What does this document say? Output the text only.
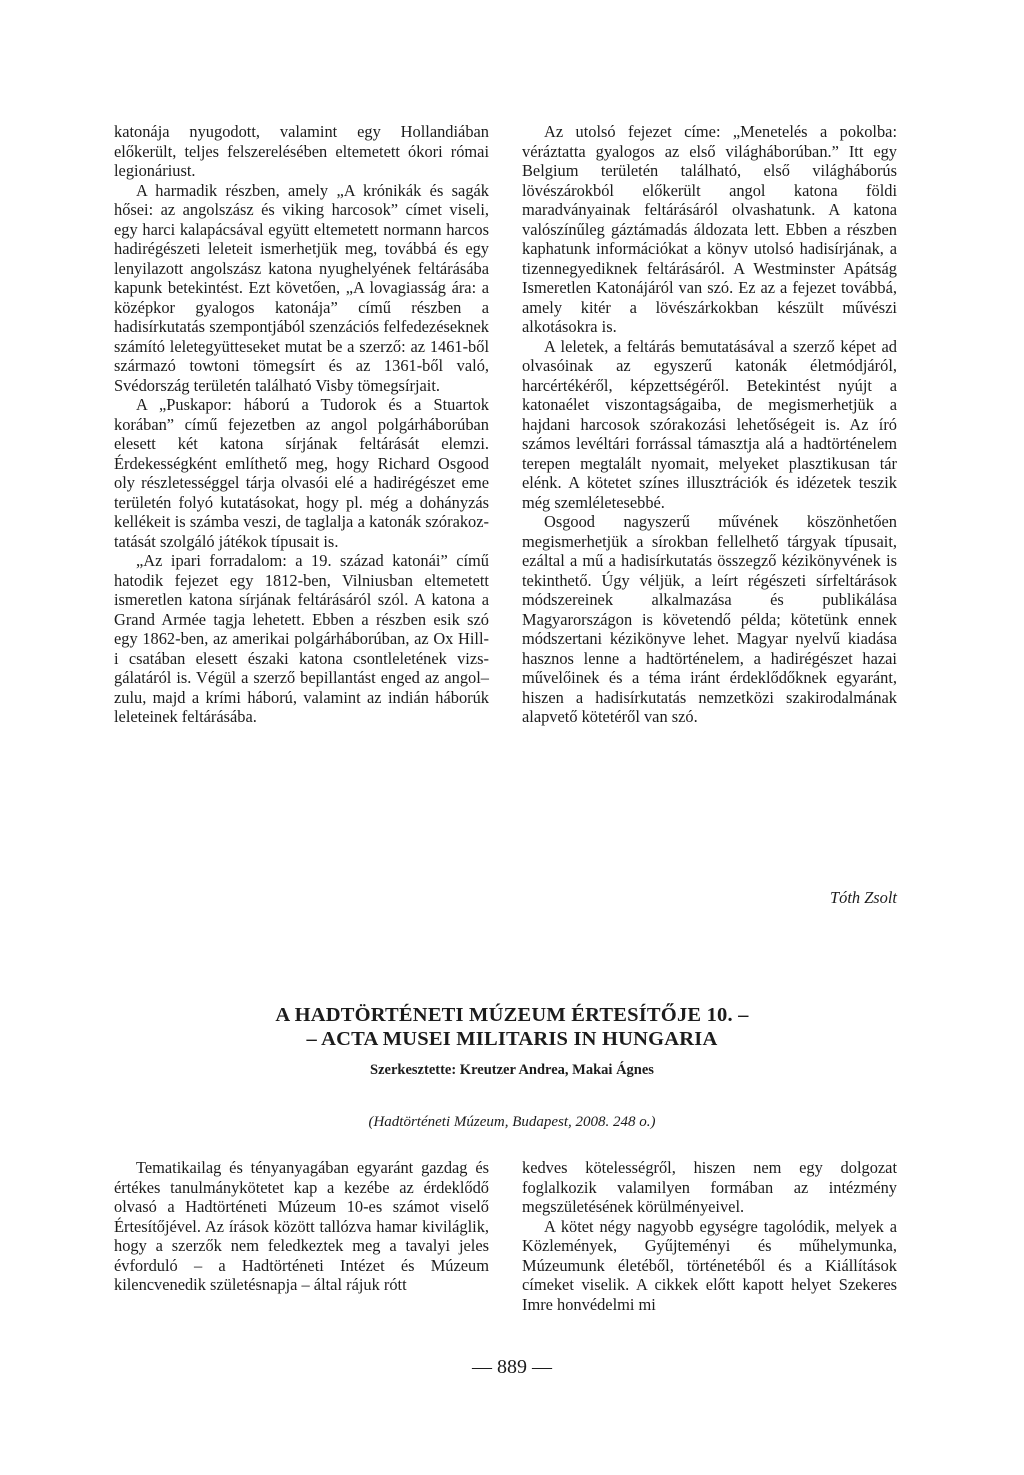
katonája nyugodott, valamint egy Hollandiában előkerült, teljes felszerelésében eltemetett ókori római legionáriust.

A harmadik részben, amely „A krónikák és sagák hősei: az angolszász és viking harcosok” címet viseli, egy harci kalapácsával együtt eltemetett normann harcos hadirégészeti leleteit ismerhetjük meg, továbbá és egy lenyilazott angolszász katona nyughelyének feltárásába kapunk betekintést. Ezt követően, „A lovagiasság ára: a középkor gyalogos katonája” című részben a hadisírkutatás szempontjából szenzációs felfedezéseknek számító leletegyütteseket mutat be a szerző: az 1461-ből származó towtoni tömegsírt és az 1361-ből való, Svédország területén található Visby tömegsírjait.

A „Puskapor: háború a Tudorok és a Stuartok korában” című fejezetben az angol polgárháborúban elesett két katona sírjának feltárását elemzi. Érdekességként említhető meg, hogy Richard Osgood oly részletességgel tárja olvasói elé a hadirégészet eme területén folyó kutatásokat, hogy pl. még a dohányzás kellékeit is számba veszi, de taglalja a katonák szórakoztatását szolgáló játékok típusait is.

„Az ipari forradalom: a 19. század katonái” című hatodik fejezet egy 1812-ben, Vilniusban eltemetett ismeretlen katona sírjának feltárásáról szól. A katona a Grand Armée tagja lehetett. Ebben a részben esik szó egy 1862-ben, az amerikai polgárháborúban, az Ox Hill-i csatában elesett északi katona csontleletének vizsgálatáról is. Végül a szerző bepillantást enged az angol–zulu, majd a krími háború, valamint az indián háborúk leleteinek feltárásába.

Az utolsó fejezet címe: „Menetelés a pokolba: véráztatta gyalogos az első világháborúban.” Itt egy Belgium területén található, első világháborús lövészárokból előkerült angol katona földi maradványainak feltárásáról olvashatunk. A katona valószínűleg gáztámadás áldozata lett. Ebben a részben kaphatunk információkat a könyv utolsó hadisírjának, a tizennegyediknek feltárásáról. A Westminster Apátság Ismeretlen Katonájáról van szó. Ez az a fejezet továbbá, amely kitér a lövészárkokban készült művészi alkotásokra is.

A leletek, a feltárás bemutatásával a szerző képet ad olvasóinak az egyszerű katonák életmódjáról, harcértékéről, képzettségéről. Betekintést nyújt a katonaélet viszontagságaiba, de megismerhetjük a hajdani harcosok szórakozási lehetőségeit is. Az író számos levéltári forrással támasztja alá a hadtörténelem terepen megtalált nyomait, melyeket plasztikusan tár elénk. A kötetet színes illusztrációk és idézetek teszik még szemléletesebbé.

Osgood nagyszerű művének köszönhetően megismerhetjük a sírokban fellelhető tárgyak típusait, ezáltal a mű a hadisírkutatás összegző kézikönyvének is tekinthető. Úgy véljük, a leírt régészeti sírfeltárások módszereinek alkalmazása és publikálása Magyarországon is követendő példa; kötetünk ennek módszertani kézikönyve lehet. Magyar nyelvű kiadása hasznos lenne a hadtörténelem, a hadirégészet hazai művelőinek és a téma iránt érdeklődőknek egyaránt, hiszen a hadisírkutatás nemzetközi szakirodalmának alapvető kötetéről van szó.

Tóth Zsolt
A HADTÖRTÉNETI MÚZEUM ÉRTESÍTŐJE 10. –
– ACTA MUSEI MILITARIS IN HUNGARIA
Szerkesztette: Kreutzer Andrea, Makai Ágnes
(Hadtörténeti Múzeum, Budapest, 2008. 248 o.)

Tematikailag és tényanyagában egyaránt gazdag és értékes tanulmánykötetet kap a kezébe az érdeklődő olvasó a Hadtörténeti Múzeum 10-es számot viselő Értesítőjével. Az írások között tallózva hamar kiviláglik, hogy a szerzők nem feledkeztek meg a tavalyi jeles évforduló – a Hadtörténeti Intézet és Múzeum kilencvenedik születésnapja – által rájuk rótt

kedves kötelességről, hiszen nem egy dolgozat foglalkozik valamilyen formában az intézmény megszületésének körülményeivel.

A kötet négy nagyobb egységre tagolódik, melyek a Közlemények, Gyűjteményi és műhelymunka, Múzeumunk életéből, történetéből és a Kiállítások címeket viselik. A cikkek előtt kapott helyet Szekeres Imre honvédelmi mi

— 889 —
